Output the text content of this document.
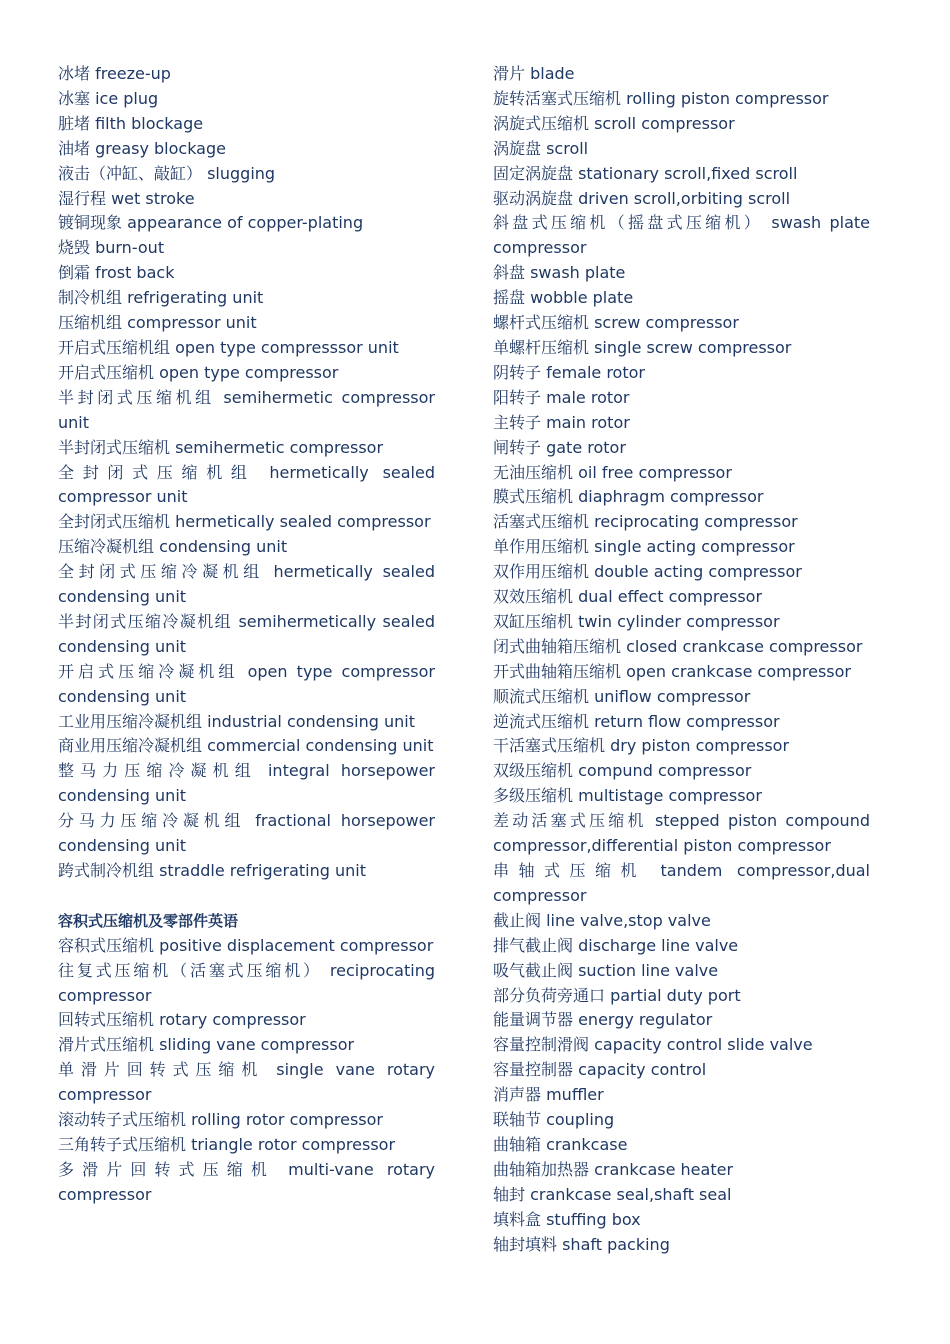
冰堵 freeze-up
冰塞 ice plug
脏堵 filth blockage
油堵 greasy blockage
液击（冲缸、敲缸） slugging
湿行程 wet stroke
镀铜现象 appearance of copper-plating
烧毁 burn-out
倒霜 frost back
制冷机组 refrigerating unit
压缩机组 compressor unit
开启式压缩机组 open type compresssor unit
开启式压缩机 open type compressor
半封闭式压缩机组 semihermetic compressor unit
半封闭式压缩机 semihermetic compressor
全封闭式压缩机组 hermetically sealed compressor unit
全封闭式压缩机 hermetically sealed compressor
压缩冷凝机组 condensing unit
全封闭式压缩冷凝机组 hermetically sealed condensing unit
半封闭式压缩冷凝机组 semihermetically sealed condensing unit
开启式压缩冷凝机组 open type compressor condensing unit
工业用压缩冷凝机组 industrial condensing unit
商业用压缩冷凝机组 commercial condensing unit
整马力压缩冷凝机组 integral horsepower condensing unit
分马力压缩冷凝机组 fractional horsepower condensing unit
跨式制冷机组 straddle refrigerating unit
容积式压缩机及零部件英语
容积式压缩机 positive displacement compressor
往复式压缩机（活塞式压缩机） reciprocating compressor
回转式压缩机 rotary compressor
滑片式压缩机 sliding vane compressor
单滑片回转式压缩机 single vane rotary compressor
滚动转子式压缩机 rolling rotor compressor
三角转子式压缩机 triangle rotor compressor
多滑片回转式压缩机 multi-vane rotary compressor
滑片 blade
旋转活塞式压缩机 rolling piston compressor
涡旋式压缩机 scroll compressor
涡旋盘 scroll
固定涡旋盘 stationary scroll,fixed scroll
驱动涡旋盘 driven scroll,orbiting scroll
斜盘式压缩机（摇盘式压缩机） swash plate compressor
斜盘 swash plate
摇盘 wobble plate
螺杆式压缩机 screw compressor
单螺杆压缩机 single screw compressor
阴转子 female rotor
阳转子 male rotor
主转子 main rotor
闸转子 gate rotor
无油压缩机 oil free compressor
膜式压缩机 diaphragm compressor
活塞式压缩机 reciprocating compressor
单作用压缩机 single acting compressor
双作用压缩机 double acting compressor
双效压缩机 dual effect compressor
双缸压缩机 twin cylinder compressor
闭式曲轴箱压缩机 closed crankcase compressor
开式曲轴箱压缩机 open crankcase compressor
顺流式压缩机 uniflow compressor
逆流式压缩机 return flow compressor
干活塞式压缩机 dry piston compressor
双级压缩机 compund compressor
多级压缩机 multistage compressor
差动活塞式压缩机 stepped piston compound compressor,differential piston compressor
串轴式压缩机 tandem compressor,dual compressor
截止阀 line valve,stop valve
排气截止阀 discharge line valve
吸气截止阀 suction line valve
部分负荷旁通口 partial duty port
能量调节器 energy regulator
容量控制滑阀 capacity control slide valve
容量控制器 capacity control
消声器 muffler
联轴节 coupling
曲轴箱 crankcase
曲轴箱加热器 crankcase heater
轴封 crankcase seal,shaft seal
填料盒 stuffing box
轴封填料 shaft packing
